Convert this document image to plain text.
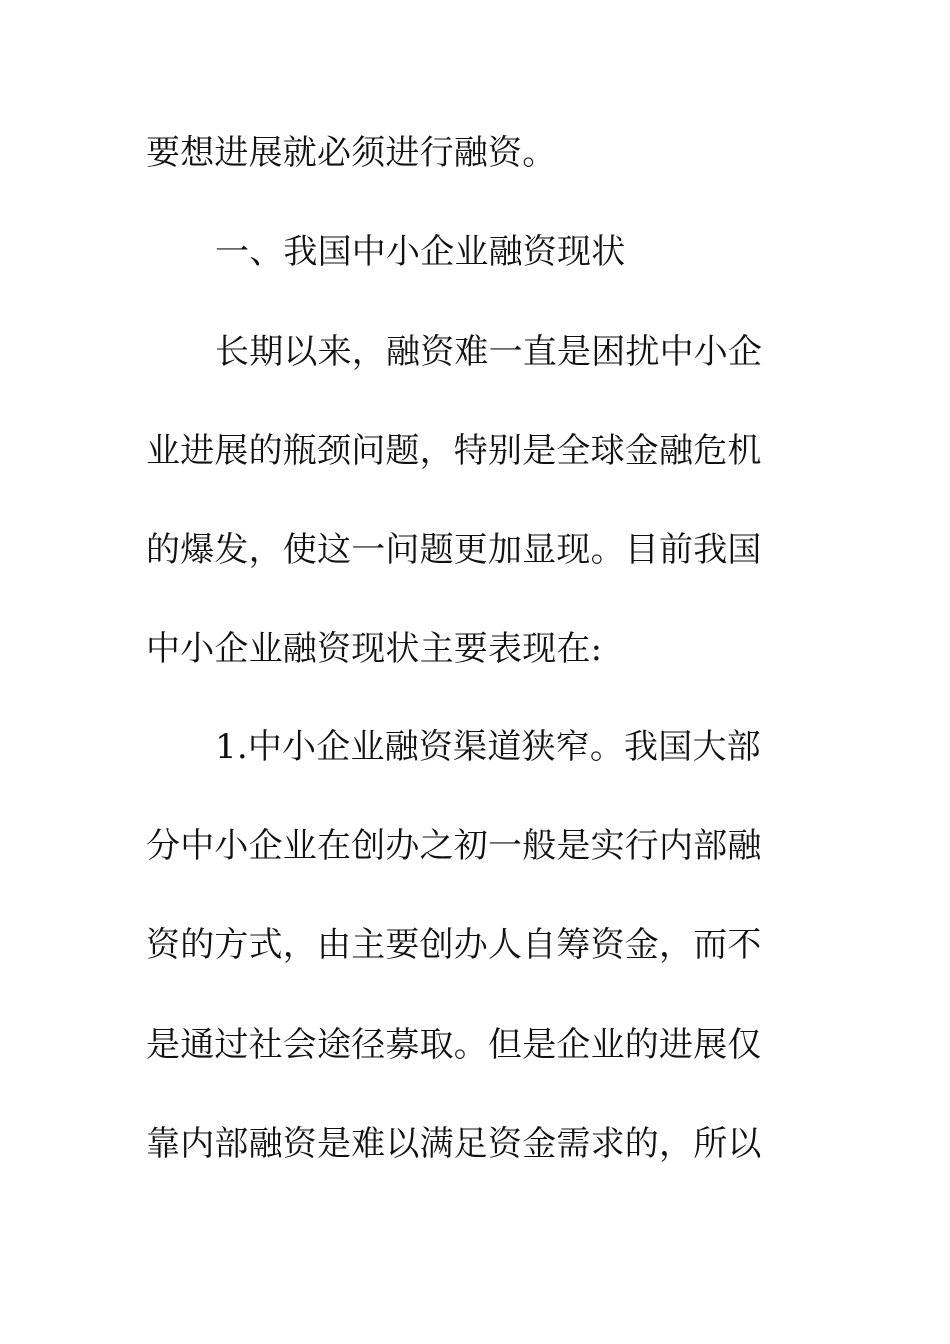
要想进展就必须进行融资。
一、我国中小企业融资现状
长期以来，融资难一直是困扰中小企
业进展的瓶颈问题，特别是全球金融危机
的爆发，使这一问题更加显现。目前我国
中小企业融资现状主要表现在:
1.中小企业融资渠道狭窄。我国大部
分中小企业在创办之初一般是实行内部融
资的方式，由主要创办人自筹资金，而不
是通过社会途径募取。但是企业的进展仅
靠内部融资是难以满足资金需求的，所以
